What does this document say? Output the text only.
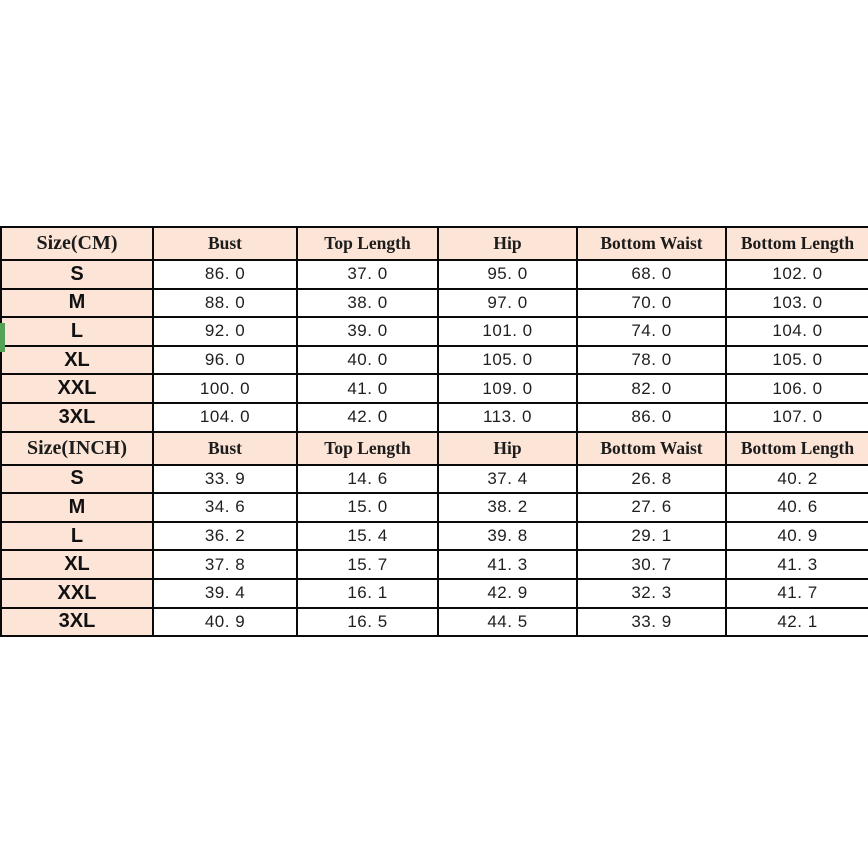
Size(CM)	Bust	Top Length	Hip	Bottom Waist	Bottom Length
S	86. 0	37. 0	95. 0	68. 0	102. 0
M	88. 0	38. 0	97. 0	70. 0	103. 0
L	92. 0	39. 0	101. 0	74. 0	104. 0
XL	96. 0	40. 0	105. 0	78. 0	105. 0
XXL	100. 0	41. 0	109. 0	82. 0	106. 0
3XL	104. 0	42. 0	113. 0	86. 0	107. 0
Size(INCH)	Bust	Top Length	Hip	Bottom Waist	Bottom Length
S	33. 9	14. 6	37. 4	26. 8	40. 2
M	34. 6	15. 0	38. 2	27. 6	40. 6
L	36. 2	15. 4	39. 8	29. 1	40. 9
XL	37. 8	15. 7	41. 3	30. 7	41. 3
XXL	39. 4	16. 1	42. 9	32. 3	41. 7
3XL	40. 9	16. 5	44. 5	33. 9	42. 1
